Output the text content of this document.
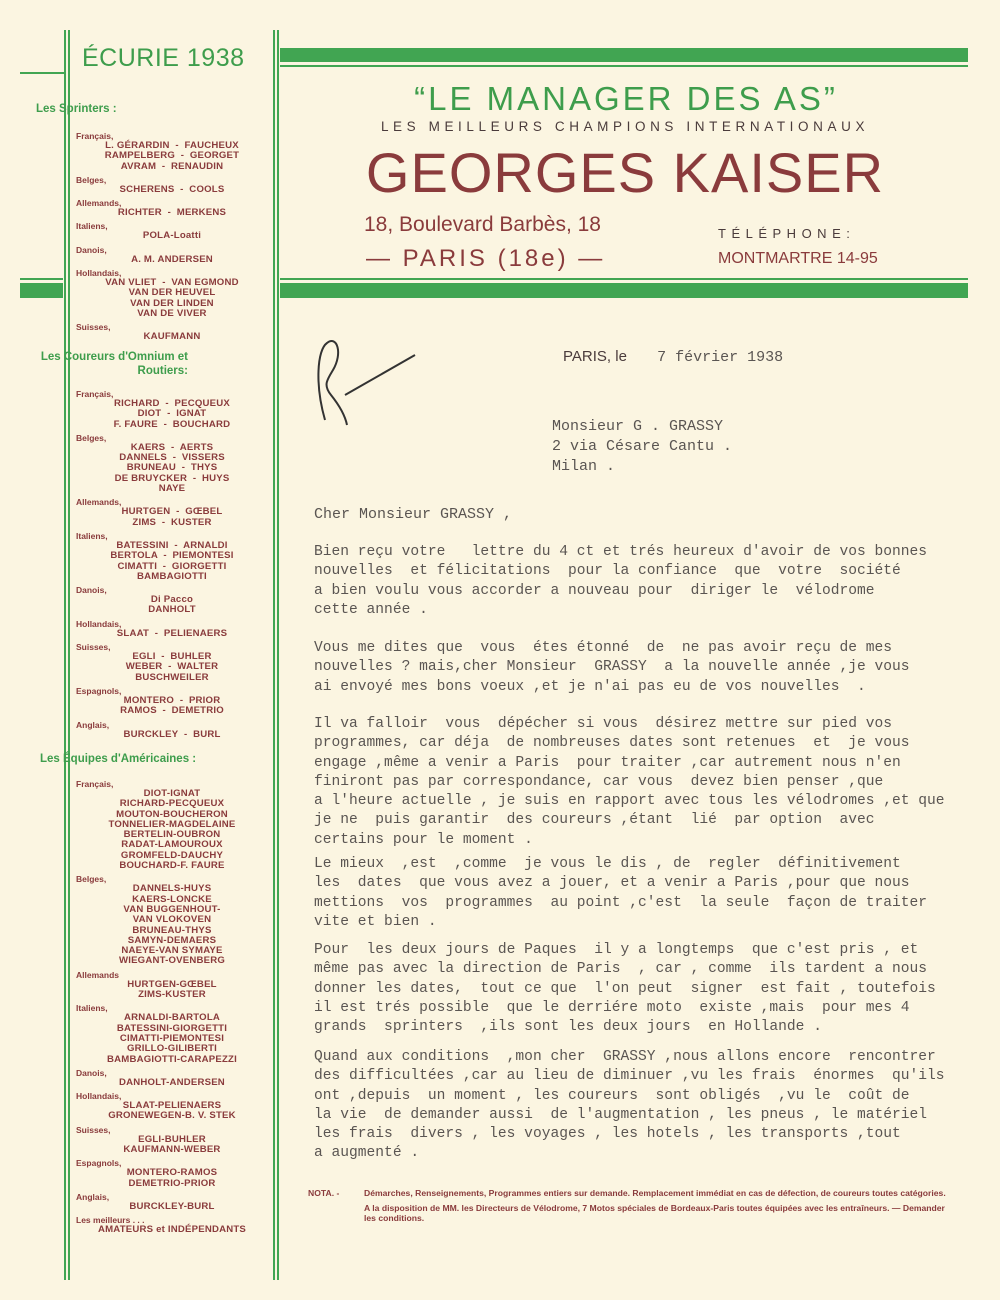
ÉCURIE 1938
Les Sprinters :
Français,
L. GÉRARDIN  -  FAUCHEUX
RAMPELBERG  -  GEORGET
AVRAM  -  RENAUDIN
Belges,
SCHERENS  -  COOLS
Allemands,
RICHTER  -  MERKENS
Italiens,
POLA-Loatti
Danois,
A. M. ANDERSEN
Hollandais,
VAN VLIET  -  VAN EGMOND
VAN DER HEUVEL
VAN DER LINDEN
VAN DE VIVER
Suisses,
KAUFMANN
Les Coureurs d'Omnium et Routiers:
Français,
RICHARD  -  PECQUEUX
DIOT  -  IGNAT
F. FAURE  -  BOUCHARD
Belges,
KAERS  -  AERTS
DANNELS  -  VISSERS
BRUNEAU  -  THYS
DE BRUYCKER  -  HUYS
NAYE
Allemands,
HURTGEN  -  GŒBEL
ZIMS  -  KUSTER
Italiens,
BATESSINI  -  ARNALDI
BERTOLA  -  PIEMONTESI
CIMATTI  -  GIORGETTI
BAMBAGIOTTI
Danois,
Di Pacco
DANHOLT
Hollandais,
SLAAT  -  PELIENAERS
Suisses,
EGLI  -  BUHLER
WEBER  -  WALTER
BUSCHWEILER
Espagnols,
MONTERO  -  PRIOR
RAMOS  -  DEMETRIO
Anglais,
BURCKLEY  -  BURL
Les Équipes d'Américaines :
Français,
DIOT-IGNAT
RICHARD-PECQUEUX
MOUTON-BOUCHERON
TONNELIER-MAGDELAINE
BERTELIN-OUBRON
RADAT-LAMOUROUX
GROMFELD-DAUCHY
BOUCHARD-F. FAURE
Belges,
DANNELS-HUYS
KAERS-LONCKE
VAN BUGGENHOUT-
VAN VLOKOVEN
BRUNEAU-THYS
SAMYN-DEMAERS
NAEYE-VAN SYMAYE
WIEGANT-OVENBERG
Allemands
HURTGEN-GŒBEL
ZIMS-KUSTER
Italiens,
ARNALDI-BARTOLA
BATESSINI-GIORGETTI
CIMATTI-PIEMONTESI
GRILLO-GILIBERTI
BAMBAGIOTTI-CARAPEZZI
Danois,
DANHOLT-ANDERSEN
Hollandais,
SLAAT-PELIENAERS
GRONEWEGEN-B. V. STEK
Suisses,
EGLI-BUHLER
KAUFMANN-WEBER
Espagnols,
MONTERO-RAMOS
DEMETRIO-PRIOR
Anglais,
BURCKLEY-BURL
Les meilleurs . . .
AMATEURS et INDÉPENDANTS
“LE MANAGER DES AS”
LES MEILLEURS CHAMPIONS INTERNATIONAUX
GEORGES KAISER
18, Boulevard Barbès, 18
— PARIS (18e) —
TÉLÉPHONE:
MONTMARTRE 14-95
PARIS, le 7 février 1938
Monsieur G . GRASSY
2 via Césare Cantu .
Milan .
Cher Monsieur GRASSY ,
Bien reçu votre   lettre du 4 ct et trés heureux d'avoir de vos bonnes
nouvelles  et félicitations  pour la confiance  que  votre  société
a bien voulu vous accorder a nouveau pour  diriger le  vélodrome
cette année .
Vous me dites que  vous  étes étonné  de  ne pas avoir reçu de mes
nouvelles ? mais,cher Monsieur  GRASSY  a la nouvelle année ,je vous
ai envoyé mes bons voeux ,et je n'ai pas eu de vos nouvelles  .
Il va falloir  vous  dépécher si vous  désirez mettre sur pied vos
programmes, car déja  de nombreuses dates sont retenues  et  je vous
engage ,même a venir a Paris  pour traiter ,car autrement nous n'en
finiront pas par correspondance, car vous  devez bien penser ,que
a l'heure actuelle , je suis en rapport avec tous les vélodromes ,et que
je ne  puis garantir  des coureurs ,étant  lié  par option  avec
certains pour le moment .
Le mieux  ,est  ,comme  je vous le dis , de  regler  définitivement
les  dates  que vous avez a jouer, et a venir a Paris ,pour que nous
mettions  vos  programmes  au point ,c'est  la seule  façon de traiter
vite et bien .
Pour  les deux jours de Paques  il y a longtemps  que c'est pris , et
même pas avec la direction de Paris  , car , comme  ils tardent a nous
donner les dates,  tout ce que  l'on peut  signer  est fait , toutefois
il est trés possible  que le derriére moto  existe ,mais  pour mes 4
grands  sprinters  ,ils sont les deux jours  en Hollande .
Quand aux conditions  ,mon cher  GRASSY ,nous allons encore  rencontrer
des difficultées ,car au lieu de diminuer ,vu les frais  énormes  qu'ils
ont ,depuis  un moment , les coureurs  sont obligés  ,vu le  coût de
la vie  de demander aussi  de l'augmentation , les pneus , le matériel
les frais  divers , les voyages , les hotels , les transports ,tout
a augmenté .
NOTA. -	Démarches, Renseignements, Programmes entiers sur demande. Remplacement immédiat en cas de défection, de coureurs toutes catégories.
A la disposition de MM. les Directeurs de Vélodrome, 7 Motos spéciales de Bordeaux-Paris toutes équipées avec les entraîneurs. — Demander les conditions.
